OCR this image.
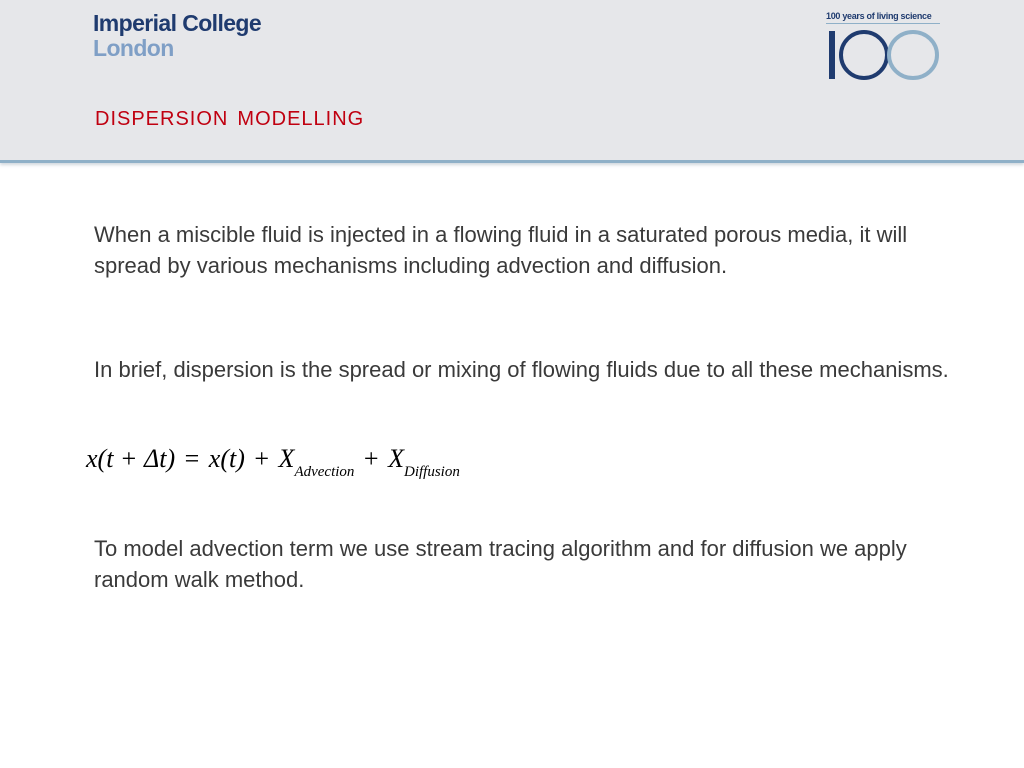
Imperial College
London
100 years of living science
dispersion modelling
When a miscible fluid is injected in a flowing fluid in a saturated porous media, it will spread by various mechanisms including advection and diffusion.
In brief, dispersion is the spread or mixing of flowing fluids due to all these mechanisms.
$x(t + \Delta t) = x(t) + X_{Advection} + X_{Diffusion}$
To model advection term we use stream tracing algorithm and for diffusion we apply random walk method.
